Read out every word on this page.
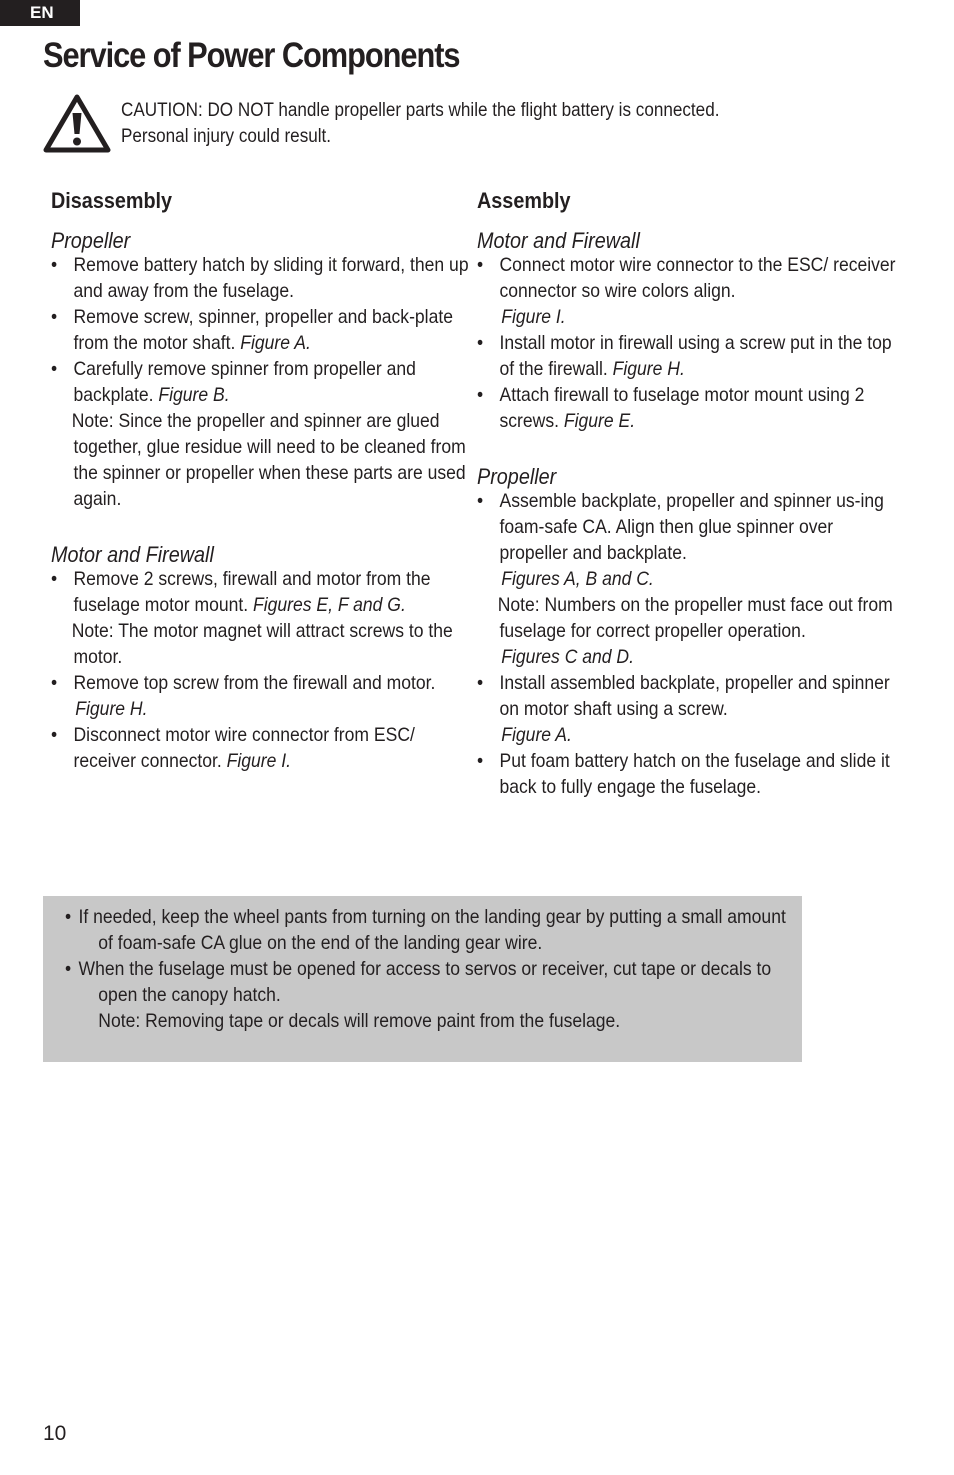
EN
Service of Power Components
CAUTION: DO NOT handle propeller parts while the flight battery is connected.
Personal injury could result.
Disassembly
Propeller

• Remove battery hatch by sliding it forward, then up and away from the fuselage.

• Remove screw, spinner, propeller and back-plate from the motor shaft. Figure A.

• Carefully remove spinner from propeller and backplate. Figure B.

Note: Since the propeller and spinner are glued together, glue residue will need to be cleaned from the spinner or propeller when these parts are used again.

Motor and Firewall

• Remove 2 screws, firewall and motor from the fuselage motor mount. Figures E, F and G.

Note: The motor magnet will attract screws to the motor.

• Remove top screw from the firewall and motor.

Figure H.

• Disconnect motor wire connector from ESC/ receiver connector. Figure I.

Assembly
Motor and Firewall

• Connect motor wire connector to the ESC/ receiver connector so wire colors align.

Figure I.

• Install motor in firewall using a screw put in the top of the firewall. Figure H.

• Attach firewall to fuselage motor mount using 2 screws. Figure E.

Propeller

• Assemble backplate, propeller and spinner us-ing foam-safe CA. Align then glue spinner over propeller and backplate.

Figures A, B and C.

Note: Numbers on the propeller must face out from fuselage for correct propeller operation.

Figures C and D.

• Install assembled backplate, propeller and spinner on motor shaft using a screw.

Figure A.

• Put foam battery hatch on the fuselage and slide it back to fully engage the fuselage.

• If needed, keep the wheel pants from turning on the landing gear by putting a small amount of foam-safe CA glue on the end of the landing gear wire.

• When the fuselage must be opened for access to servos or receiver, cut tape or decals to open the canopy hatch.

Note: Removing tape or decals will remove paint from the fuselage.

10
